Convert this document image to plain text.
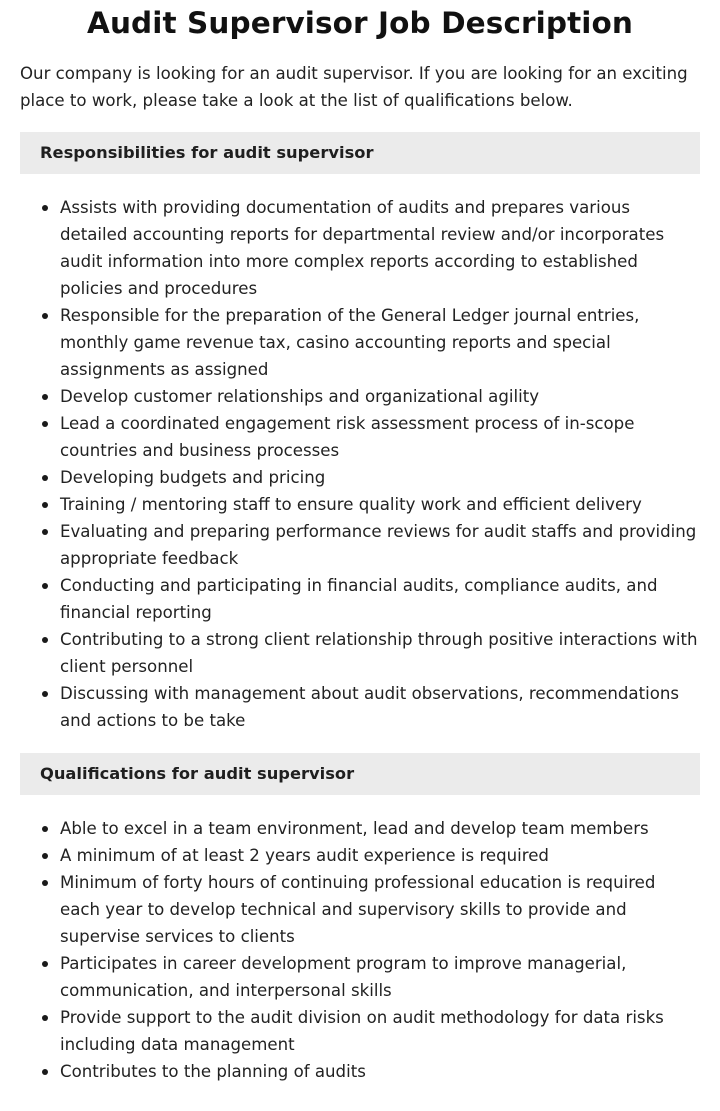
Audit Supervisor Job Description

Our company is looking for an audit supervisor. If you are looking for an exciting place to work, please take a look at the list of qualifications below.

Responsibilities for audit supervisor
Assists with providing documentation of audits and prepares various detailed accounting reports for departmental review and/or incorporates audit information into more complex reports according to established policies and procedures
Responsible for the preparation of the General Ledger journal entries, monthly game revenue tax, casino accounting reports and special assignments as assigned
Develop customer relationships and organizational agility
Lead a coordinated engagement risk assessment process of in-scope countries and business processes
Developing budgets and pricing
Training / mentoring staff to ensure quality work and efficient delivery
Evaluating and preparing performance reviews for audit staffs and providing appropriate feedback
Conducting and participating in financial audits, compliance audits, and financial reporting
Contributing to a strong client relationship through positive interactions with client personnel
Discussing with management about audit observations, recommendations and actions to be take
Qualifications for audit supervisor
Able to excel in a team environment, lead and develop team members
A minimum of at least 2 years audit experience is required
Minimum of forty hours of continuing professional education is required each year to develop technical and supervisory skills to provide and supervise services to clients
Participates in career development program to improve managerial, communication, and interpersonal skills
Provide support to the audit division on audit methodology for data risks including data management
Contributes to the planning of audits
